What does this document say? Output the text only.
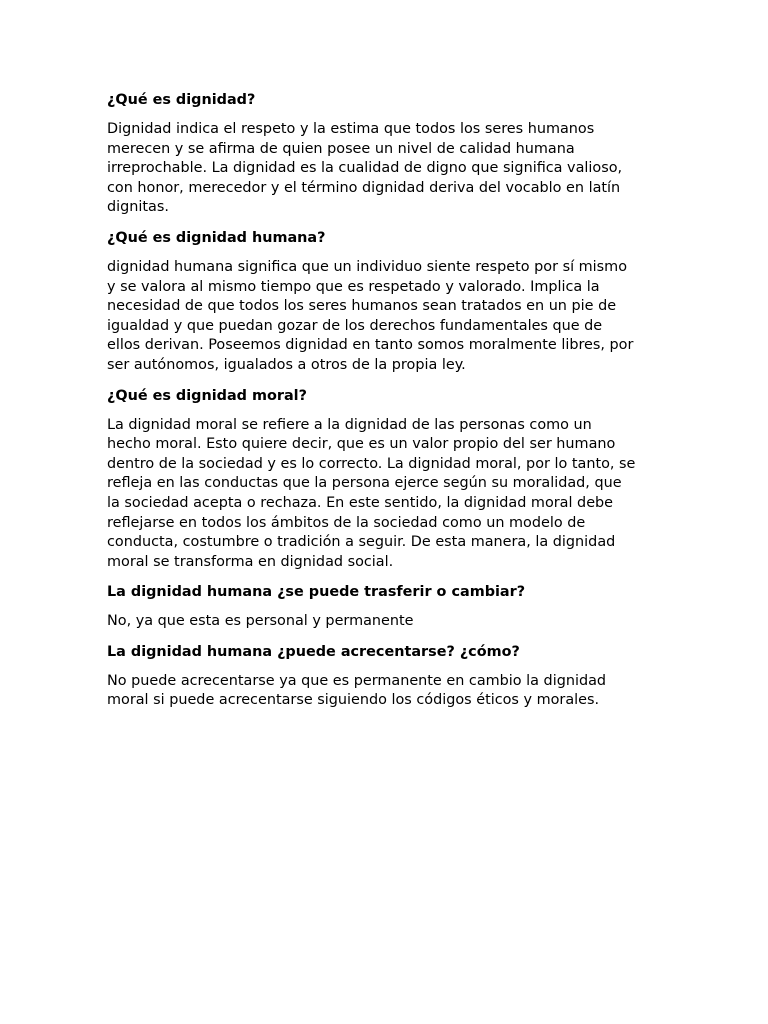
¿Qué es dignidad?

Dignidad indica el respeto y la estima que todos los seres humanos
merecen y se afirma de quien posee un nivel de calidad humana
irreprochable. La dignidad es la cualidad de digno que significa valioso,
con honor, merecedor y el término dignidad deriva del vocablo en latín
dignitas.

¿Qué es dignidad humana?

dignidad humana significa que un individuo siente respeto por sí mismo
y se valora al mismo tiempo que es respetado y valorado. Implica la
necesidad de que todos los seres humanos sean tratados en un pie de
igualdad y que puedan gozar de los derechos fundamentales que de
ellos derivan. Poseemos dignidad en tanto somos moralmente libres, por
ser autónomos, igualados a otros de la propia ley.

¿Qué es dignidad moral?

La dignidad moral se refiere a la dignidad de las personas como un
hecho moral. Esto quiere decir, que es un valor propio del ser humano
dentro de la sociedad y es lo correcto. La dignidad moral, por lo tanto, se
refleja en las conductas que la persona ejerce según su moralidad, que
la sociedad acepta o rechaza. En este sentido, la dignidad moral debe
reflejarse en todos los ámbitos de la sociedad como un modelo de
conducta, costumbre o tradición a seguir. De esta manera, la dignidad
moral se transforma en dignidad social.

La dignidad humana ¿se puede trasferir o cambiar?

No, ya que esta es personal y permanente

La dignidad humana ¿puede acrecentarse? ¿cómo?

No puede acrecentarse ya que es permanente en cambio la dignidad
moral si puede acrecentarse siguiendo los códigos éticos y morales.
